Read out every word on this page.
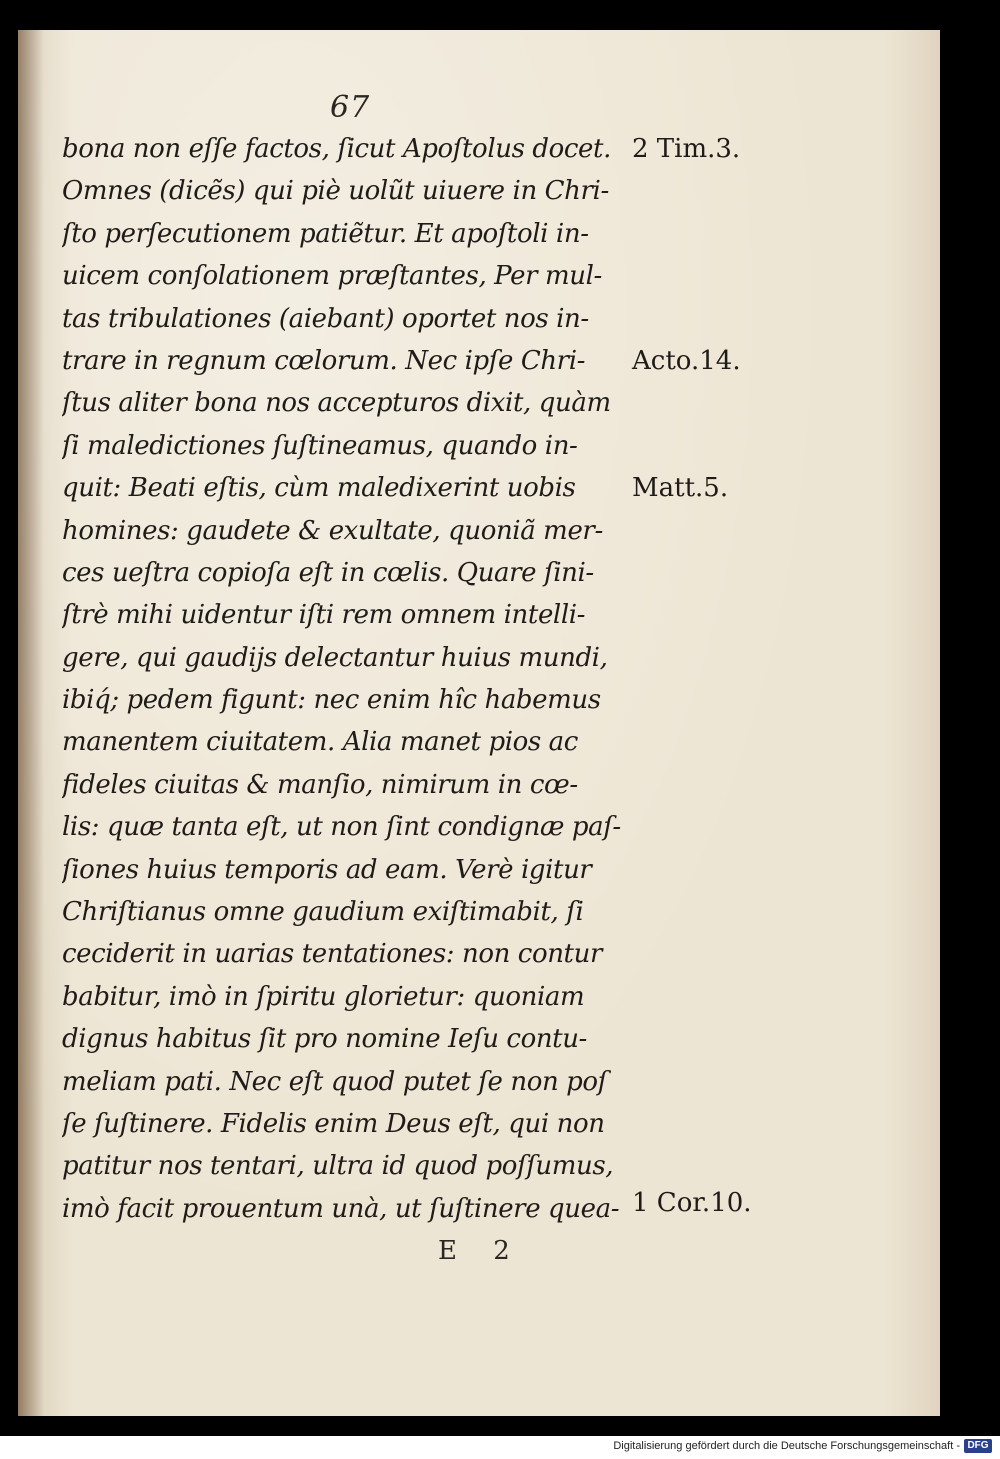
67
bona non eſſe factos, ſicut Apoſtolus docet.
Omnes (dicẽs) qui piè uolũt uiuere in Chri-
ſto perſecutionem patiẽtur. Et apoſtoli in-
uicem conſolationem præſtantes, Per mul-
tas tribulationes (aiebant) oportet nos in-
trare in regnum cœlorum. Nec ipſe Chri-
ſtus aliter bona nos accepturos dixit, quàm
ſi maledictiones ſuſtineamus, quando in-
quit: Beati eſtis, cùm maledixerint uobis
homines: gaudete & exultate, quoniã mer-
ces ueſtra copioſa eſt in cœlis. Quare ſini-
ſtrè mihi uidentur iſti rem omnem intelli-
gere, qui gaudijs delectantur huius mundi,
ibiq́; pedem figunt: nec enim hîc habemus
manentem ciuitatem. Alia manet pios ac
fideles ciuitas & manſio, nimirum in cœ-
lis: quæ tanta eſt, ut non ſint condignæ paſ-
ſiones huius temporis ad eam. Verè igitur
Chriſtianus omne gaudium exiſtimabit, ſi
ceciderit in uarias tentationes: non contur
babitur, imò in ſpiritu glorietur: quoniam
dignus habitus ſit pro nomine Ieſu contu-
meliam pati. Nec eſt quod putet ſe non poſ
ſe ſuſtinere. Fidelis enim Deus eſt, qui non
patitur nos tentari, ultra id quod poſſumus,
imò facit prouentum unà, ut ſuſtinere quea-
2 Tim.3.
Acto.14.
Matt.5.
1 Cor.10.
E 2
Digitalisierung gefördert durch die Deutsche Forschungsgemeinschaft - DFG
